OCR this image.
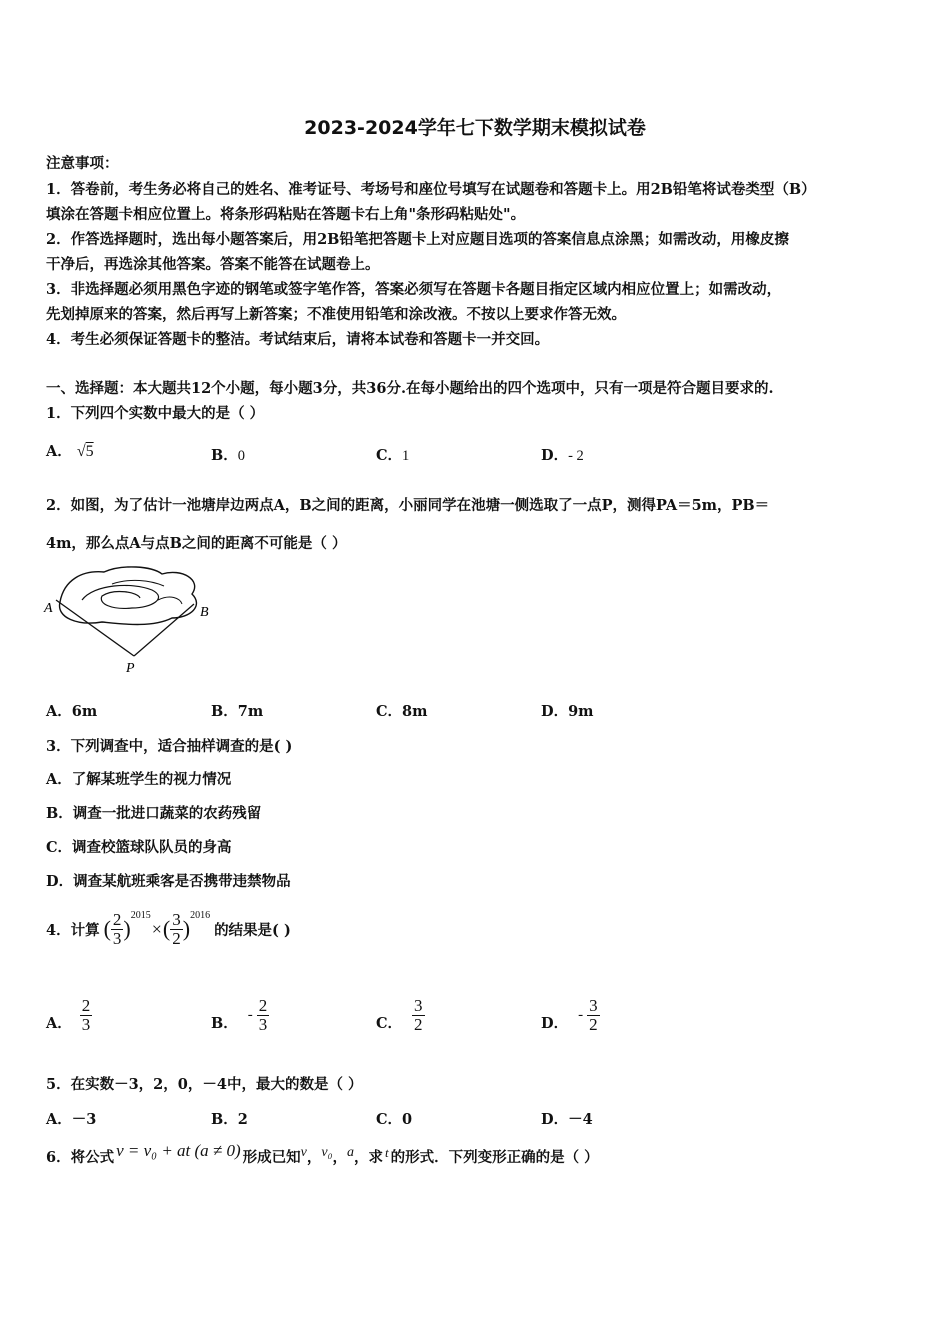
2023-2024学年七下数学期末模拟试卷
注意事项：
1．答卷前，考生务必将自己的姓名、准考证号、考场号和座位号填写在试题卷和答题卡上。用2B铅笔将试卷类型（B）
填涂在答题卡相应位置上。将条形码粘贴在答题卡右上角"条形码粘贴处"。
2．作答选择题时，选出每小题答案后，用2B铅笔把答题卡上对应题目选项的答案信息点涂黑；如需改动，用橡皮擦
干净后，再选涂其他答案。答案不能答在试题卷上。
3．非选择题必须用黑色字迹的钢笔或签字笔作答，答案必须写在答题卡各题目指定区域内相应位置上；如需改动，
先划掉原来的答案，然后再写上新答案；不准使用铅笔和涂改液。不按以上要求作答无效。
4．考生必须保证答题卡的整洁。考试结束后，请将本试卷和答题卡一并交回。
一、选择题：本大题共12个小题，每小题3分，共36分.在每小题给出的四个选项中，只有一项是符合题目要求的.
1．下列四个实数中最大的是（ ）
A． √5	B．0	C．1	D．- 2
2．如图，为了估计一池塘岸边两点A，B之间的距离，小丽同学在池塘一侧选取了一点P，测得PA＝5m，PB＝
4m，那么点A与点B之间的距离不可能是（ ）
A	B
P
A．6m	B．7m	C．8m	D．9m
3．下列调查中，适合抽样调查的是( )
A．了解某班学生的视力情况
B．调查一批进口蔬菜的农药残留
C．调查校篮球队队员的身高
D．调查某航班乘客是否携带违禁物品
4．计算 ( $\frac{2}{3}$ )
2015
× ( $\frac{3}{2}$ )
2016
的结果是( )
A． $\frac{2}{3}$	B． - $\frac{2}{3}$	C． $\frac{3}{2}$	D． - $\frac{3}{2}$
5．在实数－3，2，0，－4中，最大的数是（ ）
A．－3	B．2	C．0	D．－4
6．将公式 v = v₀ + at (a ≠ 0) 形成已知 v ， v₀ ， a ，求 t 的形式．下列变形正确的是（ ）
